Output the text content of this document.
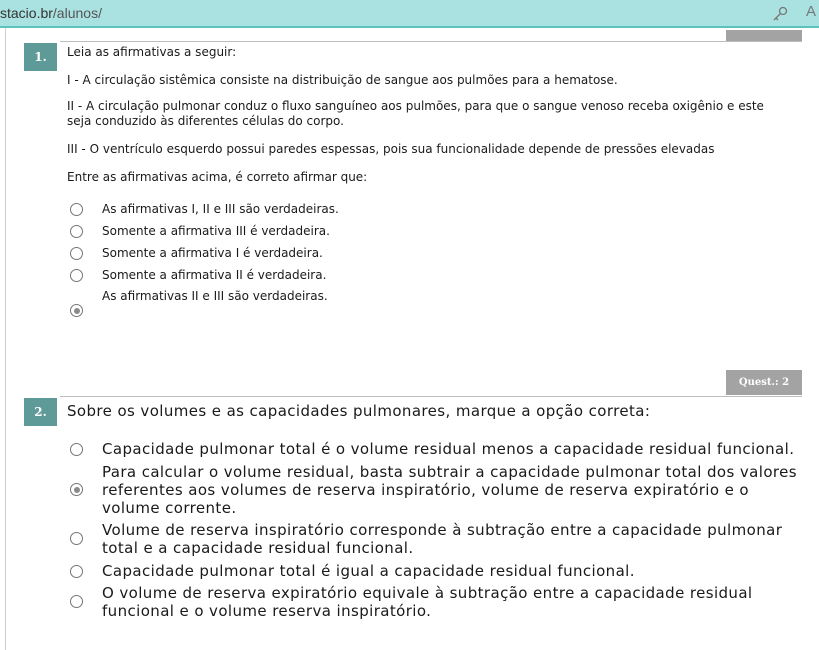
stacio.br/alunos/	A
1.	Leia as afirmativas a seguir:
I - A circulação sistêmica consiste na distribuição de sangue aos pulmões para a hematose.
II - A circulação pulmonar conduz o fluxo sanguíneo aos pulmões, para que o sangue venoso receba oxigênio e este seja conduzido às diferentes células do corpo.
III - O ventrículo esquerdo possui paredes espessas, pois sua funcionalidade depende de pressões elevadas
Entre as afirmativas acima, é correto afirmar que:
As afirmativas I, II e III são verdadeiras.
Somente a afirmativa III é verdadeira.
Somente a afirmativa I é verdadeira.
Somente a afirmativa II é verdadeira.
As afirmativas II e III são verdadeiras.
Quest.: 2
2.	Sobre os volumes e as capacidades pulmonares, marque a opção correta:
Capacidade pulmonar total é o volume residual menos a capacidade residual funcional.
Para calcular o volume residual, basta subtrair a capacidade pulmonar total dos valores referentes aos volumes de reserva inspiratório, volume de reserva expiratório e o volume corrente.
Volume de reserva inspiratório corresponde à subtração entre a capacidade pulmonar total e a capacidade residual funcional.
Capacidade pulmonar total é igual a capacidade residual funcional.
O volume de reserva expiratório equivale à subtração entre a capacidade residual funcional e o volume reserva inspiratório.
